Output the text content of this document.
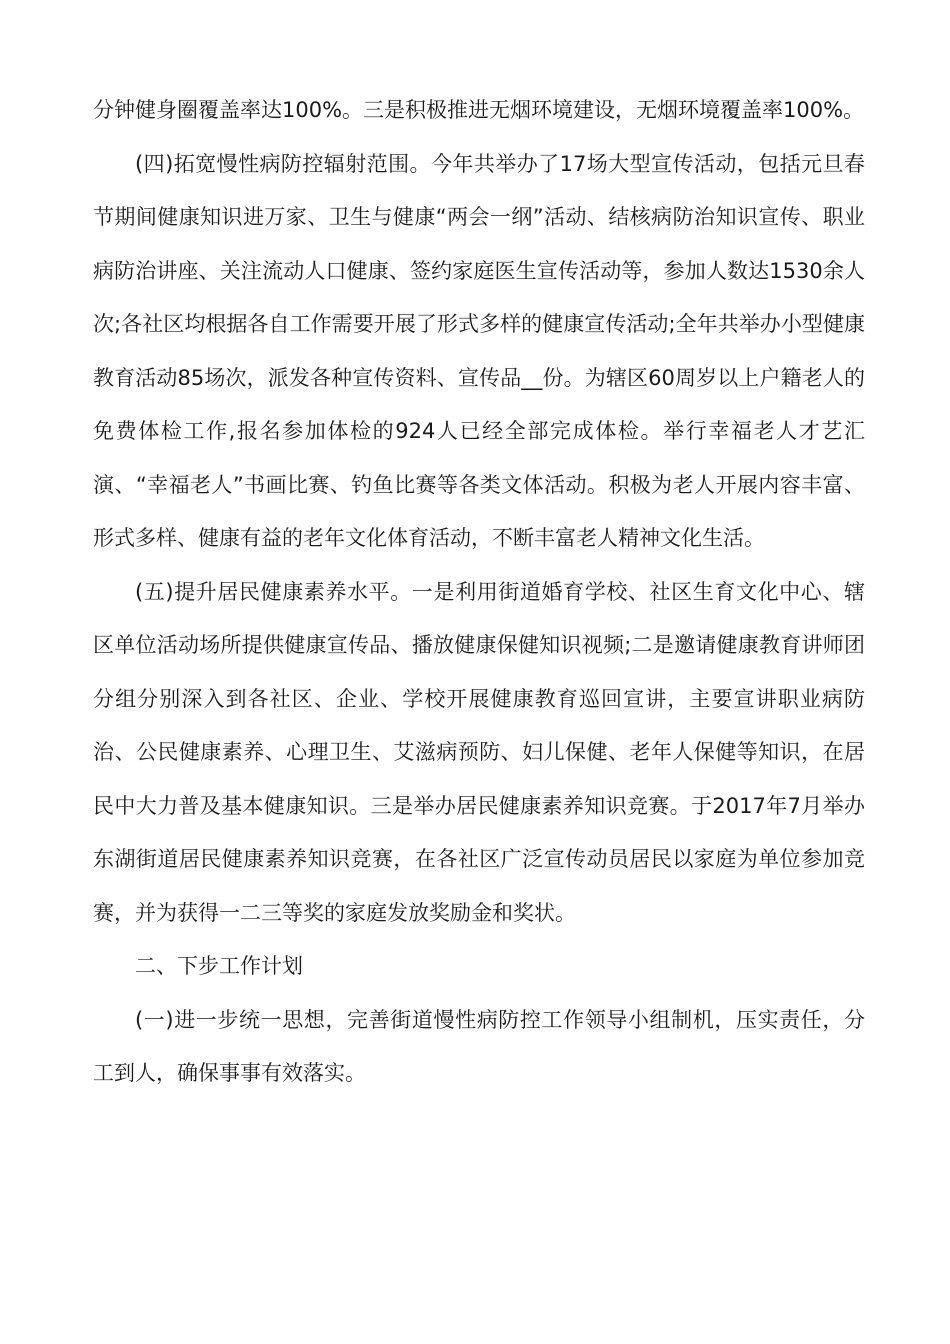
分钟健身圈覆盖率达100%。三是积极推进无烟环境建设，无烟环境覆盖率100%。

(四)拓宽慢性病防控辐射范围。今年共举办了17场大型宣传活动，包括元旦春节期间健康知识进万家、卫生与健康“两会一纲”活动、结核病防治知识宣传、职业病防治讲座、关注流动人口健康、签约家庭医生宣传活动等，参加人数达1530余人次;各社区均根据各自工作需要开展了形式多样的健康宣传活动;全年共举办小型健康教育活动85场次，派发各种宣传资料、宣传品__份。为辖区60周岁以上户籍老人的免费体检工作,报名参加体检的924人已经全部完成体检。举行幸福老人才艺汇演、“幸福老人”书画比赛、钓鱼比赛等各类文体活动。积极为老人开展内容丰富、形式多样、健康有益的老年文化体育活动，不断丰富老人精神文化生活。

(五)提升居民健康素养水平。一是利用街道婚育学校、社区生育文化中心、辖区单位活动场所提供健康宣传品、播放健康保健知识视频;二是邀请健康教育讲师团分组分别深入到各社区、企业、学校开展健康教育巡回宣讲，主要宣讲职业病防治、公民健康素养、心理卫生、艾滋病预防、妇儿保健、老年人保健等知识，在居民中大力普及基本健康知识。三是举办居民健康素养知识竞赛。于2017年7月举办东湖街道居民健康素养知识竞赛，在各社区广泛宣传动员居民以家庭为单位参加竞赛，并为获得一二三等奖的家庭发放奖励金和奖状。

二、下步工作计划

(一)进一步统一思想，完善街道慢性病防控工作领导小组制机，压实责任，分工到人，确保事事有效落实。
